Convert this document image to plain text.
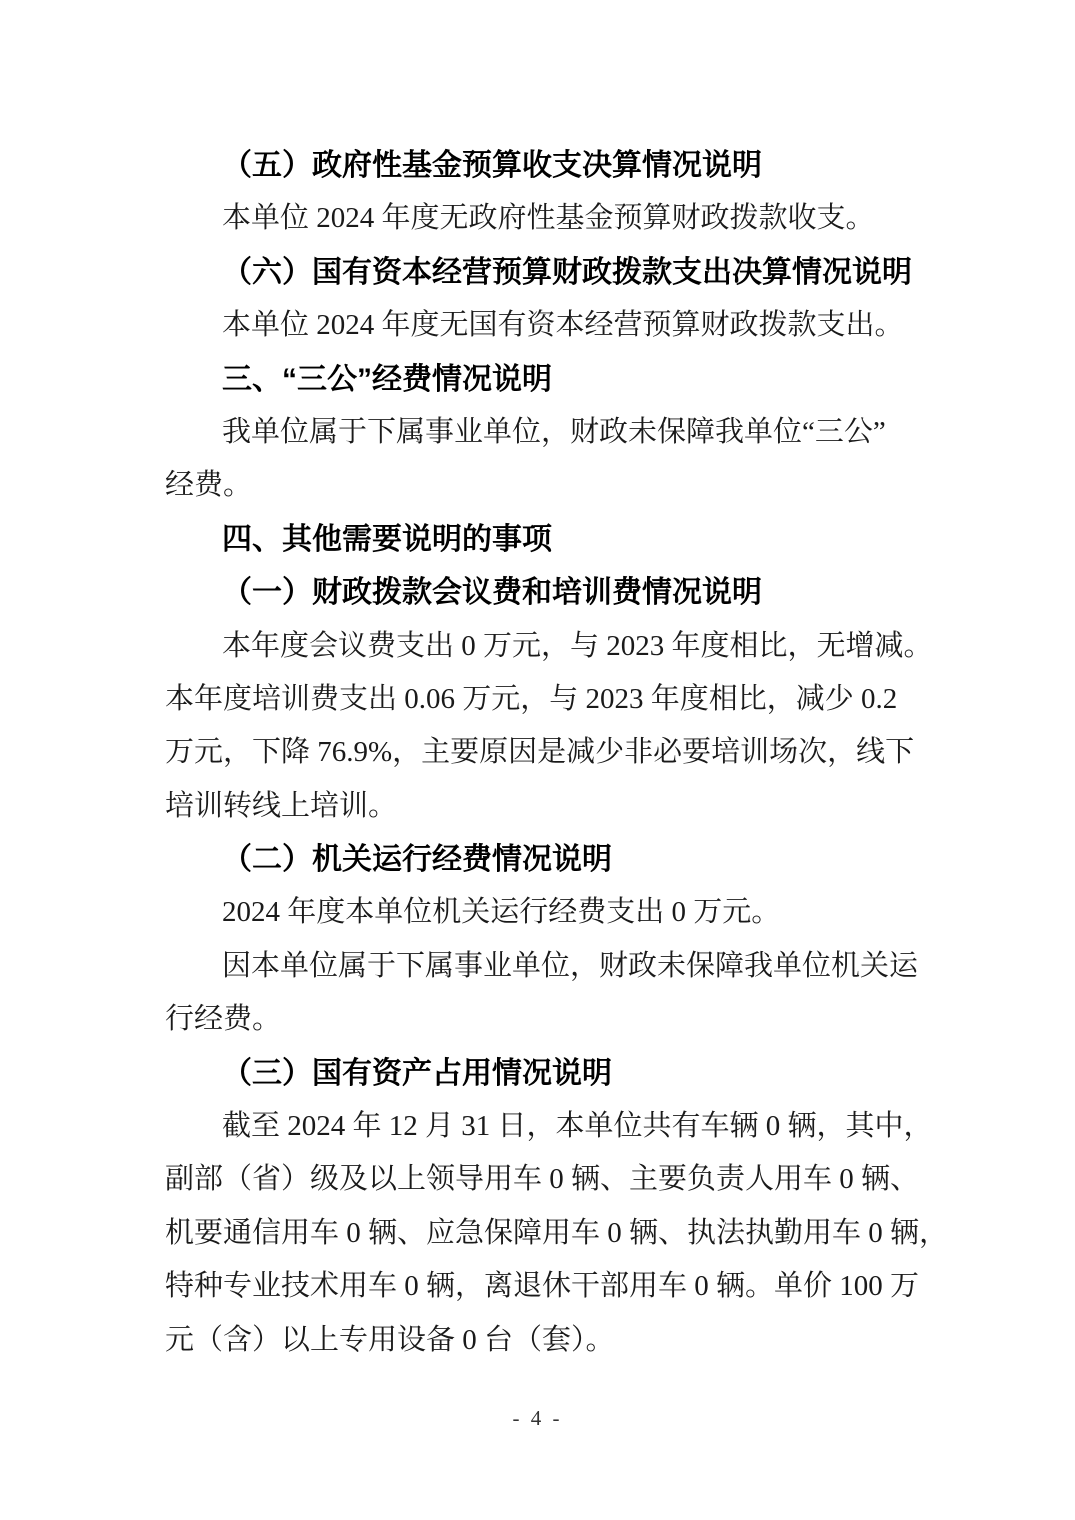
（五）政府性基金预算收支决算情况说明
本单位 2024 年度无政府性基金预算财政拨款收支。
（六）国有资本经营预算财政拨款支出决算情况说明
本单位 2024 年度无国有资本经营预算财政拨款支出。
三、“三公”经费情况说明
我单位属于下属事业单位，财政未保障我单位“三公”
经费。
四、其他需要说明的事项
（一）财政拨款会议费和培训费情况说明
本年度会议费支出 0 万元，与 2023 年度相比，无增减。
本年度培训费支出 0.06 万元，与 2023 年度相比，减少 0.2
万元，下降 76.9%，主要原因是减少非必要培训场次，线下
培训转线上培训。
（二）机关运行经费情况说明
2024 年度本单位机关运行经费支出 0 万元。
因本单位属于下属事业单位，财政未保障我单位机关运
行经费。
（三）国有资产占用情况说明
截至 2024 年 12 月 31 日，本单位共有车辆 0 辆，其中，
副部（省）级及以上领导用车 0 辆、主要负责人用车 0 辆、
机要通信用车 0 辆、应急保障用车 0 辆、执法执勤用车 0 辆，
特种专业技术用车 0 辆，离退休干部用车 0 辆。单价 100 万
元（含）以上专用设备 0 台（套）。
- 4 -
